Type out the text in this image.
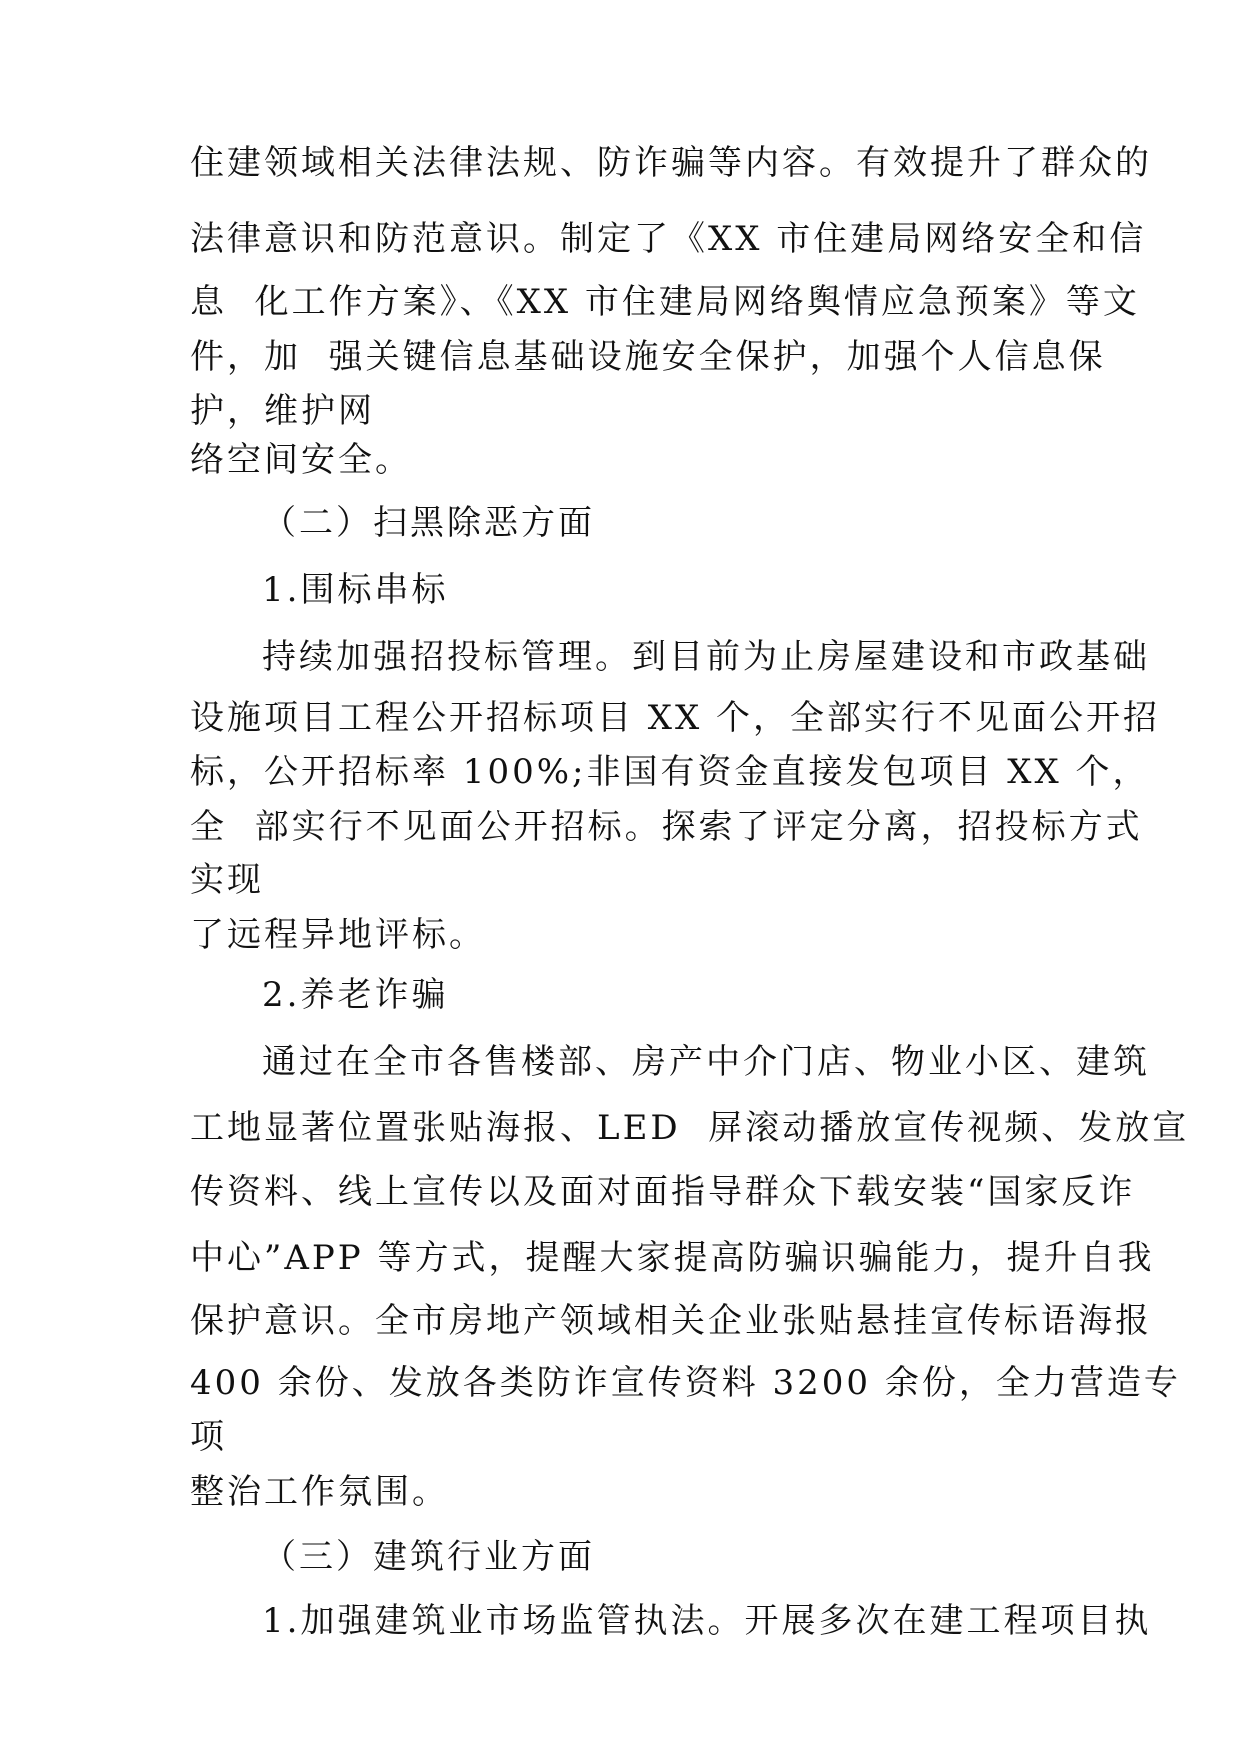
住建领域相关法律法规、防诈骗等内容。有效提升了群众的
法律意识和防范意识。制定了《XX 市住建局网络安全和信
息  化工作方案》、《XX 市住建局网络舆情应急预案》等文
件，加  强关键信息基础设施安全保护，加强个人信息保
护，维护网
络空间安全。
（二）扫黑除恶方面
1.围标串标
持续加强招投标管理。到目前为止房屋建设和市政基础
设施项目工程公开招标项目 XX 个，全部实行不见面公开招
标，公开招标率 100%;非国有资金直接发包项目 XX 个，
全  部实行不见面公开招标。探索了评定分离，招投标方式
实现
了远程异地评标。
2.养老诈骗
通过在全市各售楼部、房产中介门店、物业小区、建筑
工地显著位置张贴海报、LED  屏滚动播放宣传视频、发放宣
传资料、线上宣传以及面对面指导群众下载安装“国家反诈
中心”APP 等方式，提醒大家提高防骗识骗能力，提升自我
保护意识。全市房地产领域相关企业张贴悬挂宣传标语海报
400 余份、发放各类防诈宣传资料 3200 余份，全力营造专
项
整治工作氛围。
（三）建筑行业方面
1.加强建筑业市场监管执法。开展多次在建工程项目执
